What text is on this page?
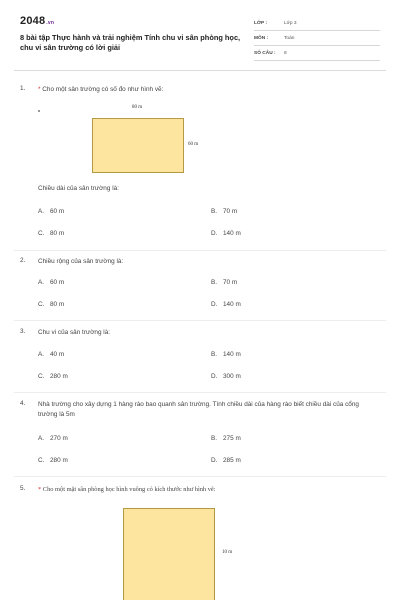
2048.vn
8 bài tập Thực hành và trải nghiệm Tính chu vi sân phòng học, chu vi sân trường có lời giải
LỚP :	Lớp 3
MÔN :	Toán
SỐ CÂU :	8
1. * Cho một sân trường có số đo như hình vẽ:
80 m
60 m
Chiều dài của sân trường là:
A. 60 m	B. 70 m
C. 80 m	D. 140 m
2. Chiều rộng của sân trường là:
A. 60 m	B. 70 m
C. 80 m	D. 140 m
3. Chu vi của sân trường là:
A. 40 m	B. 140 m
C. 280 m	D. 300 m
4. Nhà trường cho xây dựng 1 hàng rào bao quanh sân trường. Tính chiều dài của hàng rào biết chiều dài của cổng trường là 5m
A. 270 m	B. 275 m
C. 280 m	D. 285 m
5. * Cho một mặt sân phòng học hình vuông có kích thước như hình vẽ:
10 m
